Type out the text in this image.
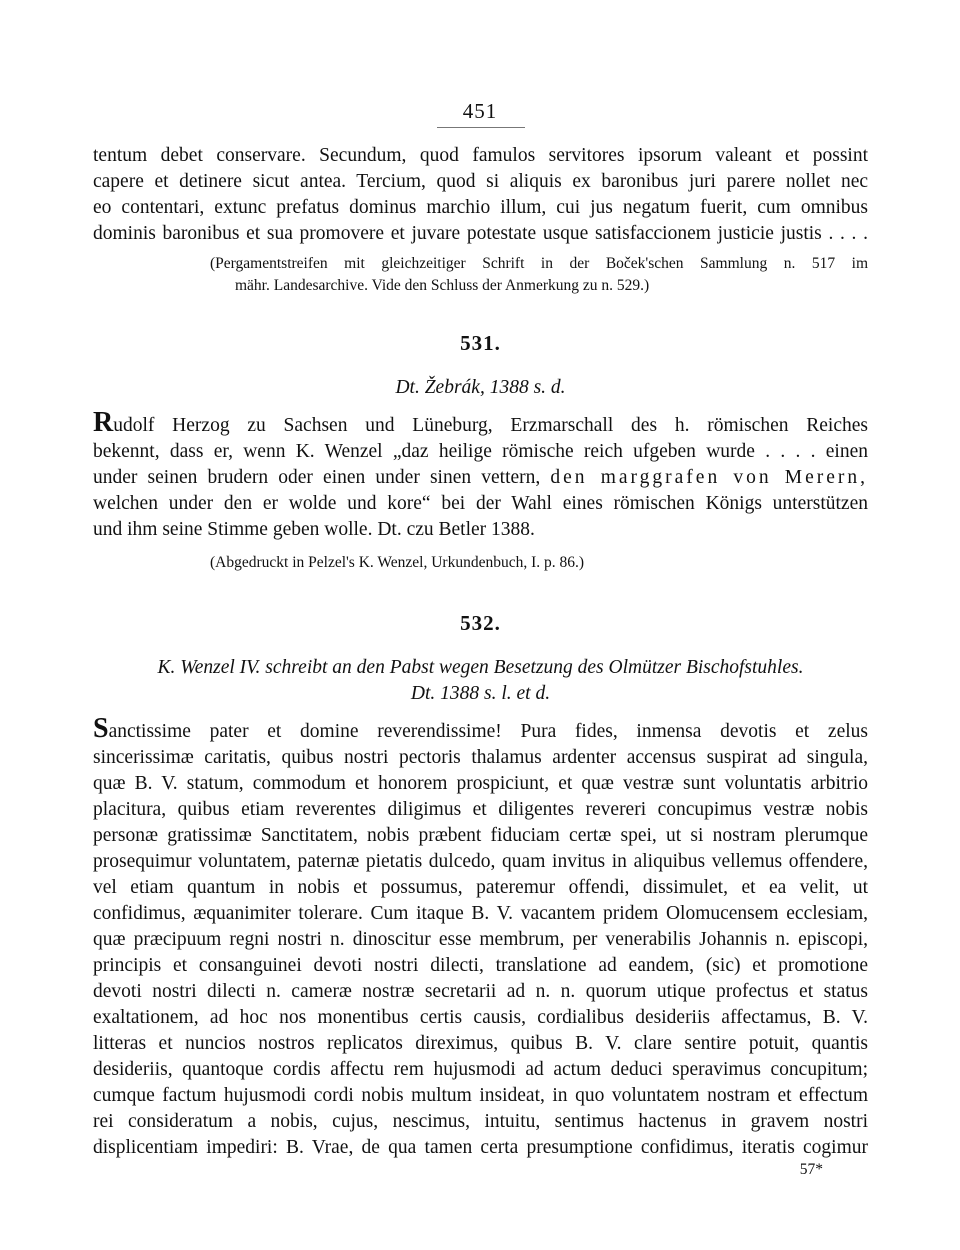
451
tentum debet conservare. Secundum, quod famulos servitores ipsorum valeant et possint
capere et detinere sicut antea. Tercium, quod si aliquis ex baronibus juri parere nollet nec
eo contentari, extunc prefatus dominus marchio illum, cui jus negatum fuerit, cum omnibus
dominis baronibus et sua promovere et juvare potestate usque satisfaccionem justicie justis . . . .
(Pergamentstreifen mit gleichzeitiger Schrift in der Boček'schen Sammlung n. 517 im
mähr. Landesarchive. Vide den Schluss der Anmerkung zu n. 529.)
531.
Dt. Žebrák, 1388 s. d.
Rudolf Herzog zu Sachsen und Lüneburg, Erzmarschall des h. römischen Reiches
bekennt, dass er, wenn K. Wenzel „daz heilige römische reich ufgeben wurde . . . . einen
under seinen brudern oder einen under sinen vettern, den marggrafen von Merern,
welchen under den er wolde und kore“ bei der Wahl eines römischen Königs unterstützen
und ihm seine Stimme geben wolle. Dt. czu Betler 1388.
(Abgedruckt in Pelzel's K. Wenzel, Urkundenbuch, I. p. 86.)
532.
K. Wenzel IV. schreibt an den Pabst wegen Besetzung des Olmützer Bischofstuhles.
Dt. 1388 s. l. et d.
Sanctissime pater et domine reverendissime! Pura fides, inmensa devotis et zelus
sincerissimæ caritatis, quibus nostri pectoris thalamus ardenter accensus suspirat ad singula,
quæ B. V. statum, commodum et honorem prospiciunt, et quæ vestræ sunt voluntatis arbitrio
placitura, quibus etiam reverentes diligimus et diligentes revereri concupimus vestræ nobis
personæ gratissimæ Sanctitatem, nobis præbent fiduciam certæ spei, ut si nostram plerumque
prosequimur voluntatem, paternæ pietatis dulcedo, quam invitus in aliquibus vellemus offendere,
vel etiam quantum in nobis et possumus, pateremur offendi, dissimulet, et ea velit, ut
confidimus, æquanimiter tolerare. Cum itaque B. V. vacantem pridem Olomucensem ecclesiam,
quæ præcipuum regni nostri n. dinoscitur esse membrum, per venerabilis Johannis n. episcopi,
principis et consanguinei devoti nostri dilecti, translatione ad eandem, (sic) et promotione
devoti nostri dilecti n. cameræ nostræ secretarii ad n. n. quorum utique profectus et status
exaltationem, ad hoc nos monentibus certis causis, cordialibus desideriis affectamus, B. V.
litteras et nuncios nostros replicatos direximus, quibus B. V. clare sentire potuit, quantis
desideriis, quantoque cordis affectu rem hujusmodi ad actum deduci speravimus concupitum;
cumque factum hujusmodi cordi nobis multum insideat, in quo voluntatem nostram et effectum
rei consideratum a nobis, cujus, nescimus, intuitu, sentimus hactenus in gravem nostri
displicentiam impediri: B. Vrae, de qua tamen certa presumptione confidimus, iteratis cogimur
57*
